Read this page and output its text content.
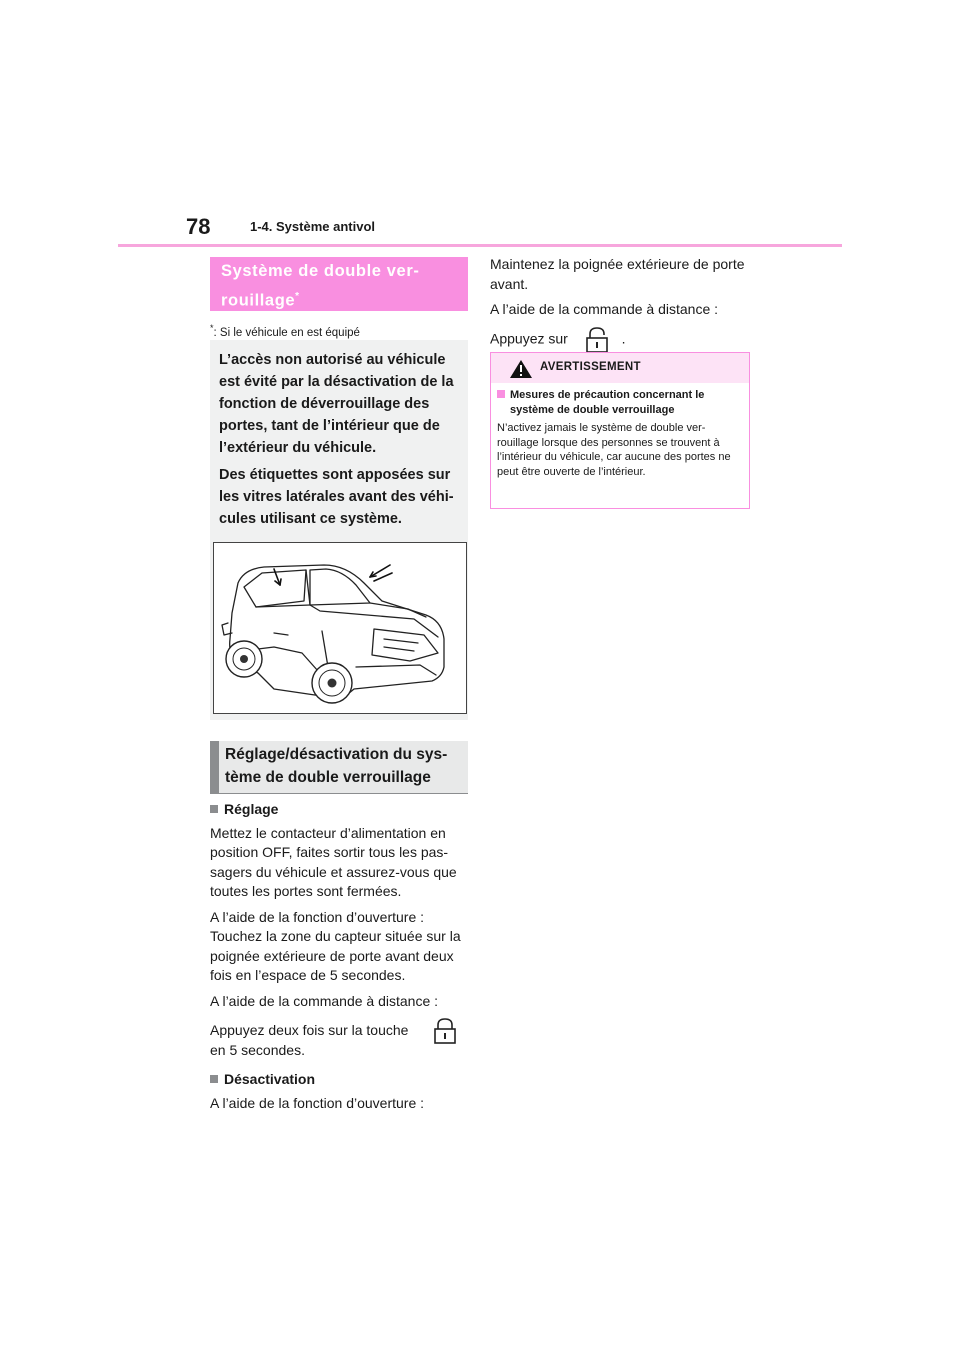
78	1-4. Système antivol
Système de double ver-
rouillage*
*: Si le véhicule en est équipé

L’accès non autorisé au véhicule est évité par la désactivation de la fonction de déverrouillage des portes, tant de l’intérieur que de l’extérieur du véhicule.

Des étiquettes sont apposées sur les vitres latérales avant des véhi-cules utilisant ce système.

Réglage/désactivation du sys-
tème de double verrouillage

Réglage

Mettez le contacteur d’alimentation en position OFF, faites sortir tous les pas-sagers du véhicule et assurez-vous que toutes les portes sont fermées.

A l’aide de la fonction d’ouverture : Touchez la zone du capteur située sur la poignée extérieure de porte avant deux fois en l’espace de 5 secondes.

A l’aide de la commande à distance :

Appuyez deux fois sur la touche
en 5 secondes.

Désactivation

A l’aide de la fonction d’ouverture :

Maintenez la poignée extérieure de porte avant.

A l’aide de la commande à distance :

Appuyez sur	.

AVERTISSEMENT

Mesures de précaution concernant le système de double verrouillage

N’activez jamais le système de double ver-rouillage lorsque des personnes se trouvent à l’intérieur du véhicule, car aucune des portes ne peut être ouverte de l’intérieur.
